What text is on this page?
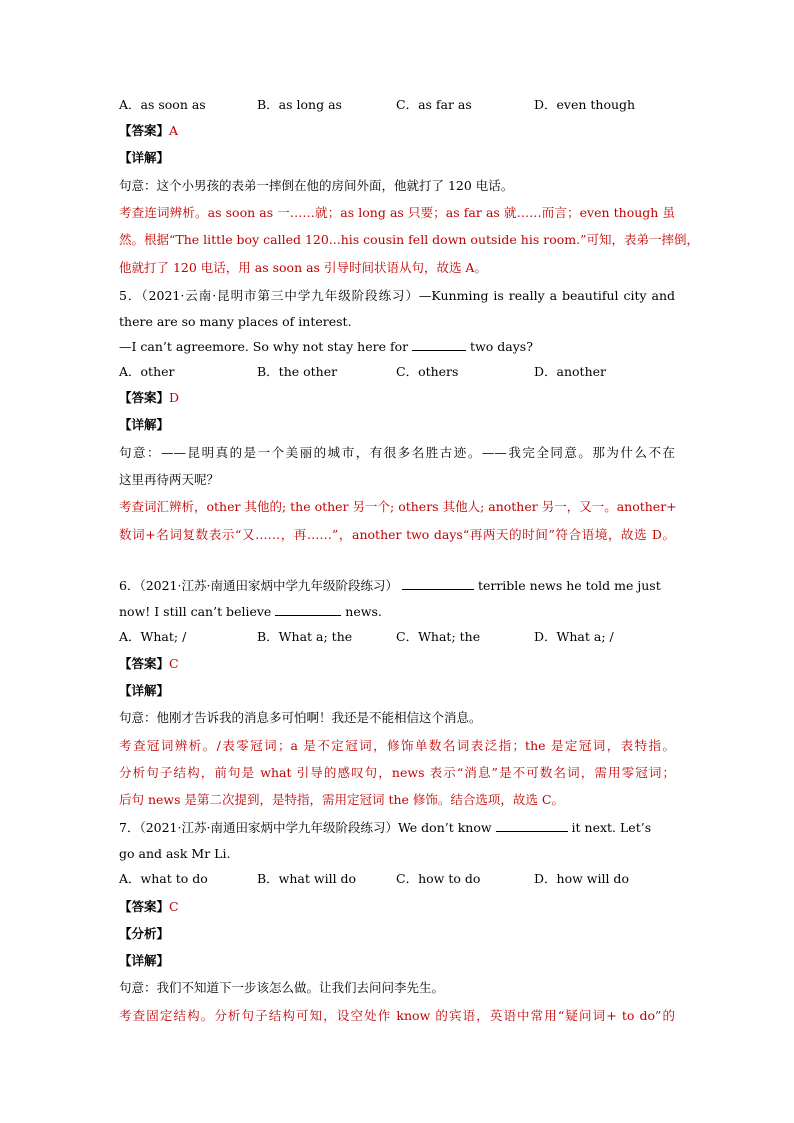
A．as soon as	B．as long as	C．as far as	D．even though
【答案】A
【详解】
句意：这个小男孩的表弟一摔倒在他的房间外面，他就打了 120 电话。
考查连词辨析。as soon as 一……就；as long as 只要；as far as 就……而言；even though 虽
然。根据“The little boy called 120...his cousin fell down outside his room.”可知，表弟一摔倒，
他就打了 120 电话，用 as soon as 引导时间状语从句，故选 A。
5．（2021·云南·昆明市第三中学九年级阶段练习）—Kunming is really a beautiful city and
there are so many places of interest.
—I can’t agreemore. So why not stay here for	two days?
A．other	B．the other	C．others	D．another
【答案】D
【详解】
句意：——昆明真的是一个美丽的城市，有很多名胜古迹。——我完全同意。那为什么不在
这里再待两天呢？
考查词汇辨析，other 其他的; the other 另一个; others 其他人; another 另一，又一。another+
数词+名词复数表示“又……，再……”，another two days“再两天的时间”符合语境，故选 D。
6．（2021·江苏·南通田家炳中学九年级阶段练习）	terrible news he told me just
now! I still can’t believe	news.
A．What; /	B．What a; the	C．What; the	D．What a; /
【答案】C
【详解】
句意：他刚才告诉我的消息多可怕啊！我还是不能相信这个消息。
考查冠词辨析。/表零冠词；a 是不定冠词，修饰单数名词表泛指；the 是定冠词，表特指。
分析句子结构，前句是 what 引导的感叹句，news 表示“消息”是不可数名词，需用零冠词；
后句 news 是第二次提到，是特指，需用定冠词 the 修饰。结合选项，故选 C。
7．（2021·江苏·南通田家炳中学九年级阶段练习）We don’t know	it next. Let’s
go and ask Mr Li.
A．what to do	B．what will do	C．how to do	D．how will do
【答案】C
【分析】
【详解】
句意：我们不知道下一步该怎么做。让我们去问问李先生。
考查固定结构。分析句子结构可知，设空处作 know 的宾语，英语中常用“疑问词+ to do”的
